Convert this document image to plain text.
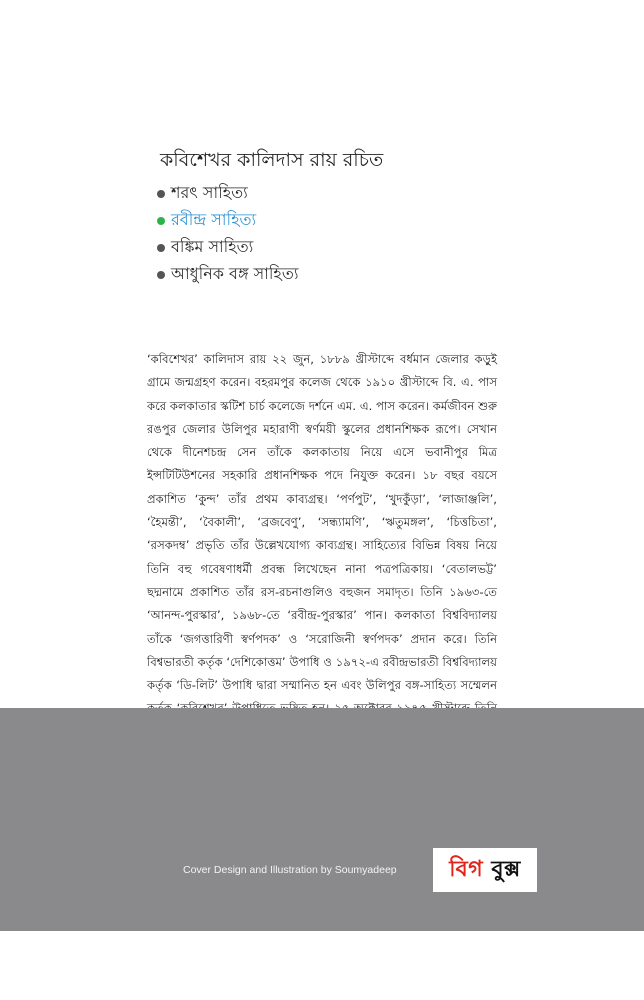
কবিশেখর কালিদাস রায় রচিত
শরৎ সাহিত্য
রবীন্দ্র সাহিত্য
বঙ্কিম সাহিত্য
আধুনিক বঙ্গ সাহিত্য

‘কবিশেখর’ কালিদাস রায় ২২ জুন, ১৮৮৯ খ্রীস্টাব্দে বর্ধমান জেলার কড়ুই গ্রামে জন্মগ্রহণ করেন। বহরমপুর কলেজ থেকে ১৯১০ খ্রীস্টাব্দে বি. এ. পাস করে কলকাতার স্কটিশ চার্চ কলেজে দর্শনে এম. এ. পাস করেন। কর্মজীবন শুরু রঙপুর জেলার উলিপুর মহারাণী স্বর্ণময়ী স্কুলের প্রধানশিক্ষক রূপে। সেখান থেকে দীনেশচন্দ্র সেন তাঁকে কলকাতায় নিয়ে এসে ভবানীপুর মিত্র ইন্সটিটিউশনের সহকারি প্রধানশিক্ষক পদে নিযুক্ত করেন। ১৮ বছর বয়সে প্রকাশিত ‘কুন্দ’ তাঁর প্রথম কাব্যগ্রন্থ। ‘পর্ণপুট’, ‘খুদকুঁড়া’, ‘লাজাঞ্জলি’, ‘হৈমন্তী’, ‘বৈকালী’, ‘ব্রজবেণু’, ‘সন্ধ্যামণি’, ‘ঋতুমঙ্গল’, ‘চিত্তচিতা’, ‘রসকদম্ব’ প্রভৃতি তাঁর উল্লেখযোগ্য কাব্যগ্রন্থ। সাহিত্যের বিভিন্ন বিষয় নিয়ে তিনি বহু গবেষণাধর্মী প্রবন্ধ লিখেছেন নানা পত্রপত্রিকায়। ‘বেতালভট্ট’ ছদ্মনামে প্রকাশিত তাঁর রস-রচনাগুলিও বহুজন সমাদৃত। তিনি ১৯৬৩-তে ‘আনন্দ-পুরস্কার’, ১৯৬৮-তে ‘রবীন্দ্র-পুরস্কার’ পান। কলকাতা বিশ্ববিদ্যালয় তাঁকে ‘জগত্তারিণী স্বর্ণপদক’ ও ‘সরোজিনী স্বর্ণপদক’ প্রদান করে। তিনি বিশ্বভারতী কর্তৃক ‘দেশিকোত্তম’ উপাধি ও ১৯৭২-এ রবীন্দ্রভারতী বিশ্ববিদ্যালয় কর্তৃক ‘ডি-লিট’ উপাধি দ্বারা সম্মানিত হন এবং উলিপুর বঙ্গ-সাহিত্য সম্মেলন

Cover Design and Illustration by Soumyadeep বিগ
বুক্স
